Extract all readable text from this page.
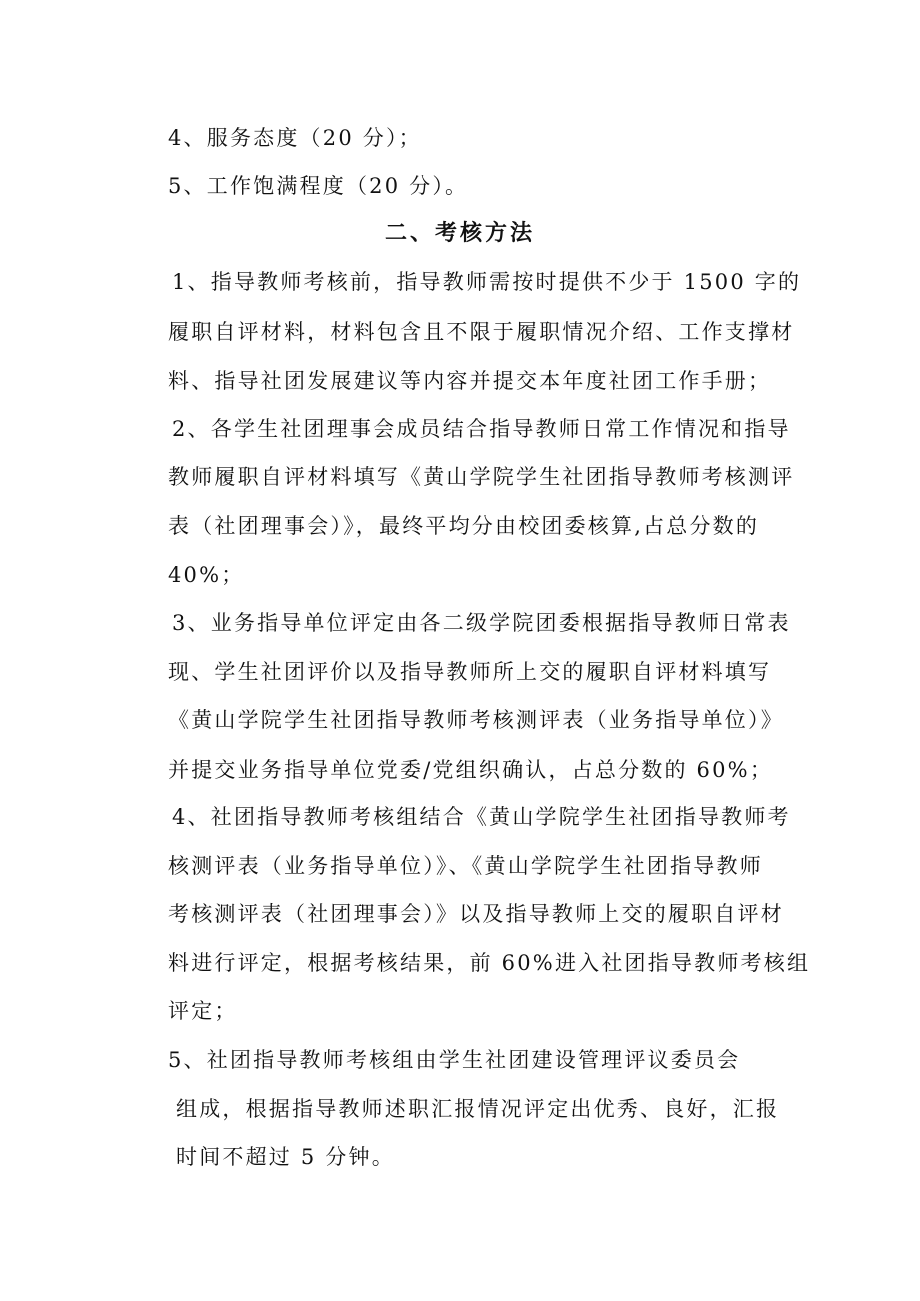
4、服务态度（20 分）；
5、工作饱满程度（20 分）。
二、考核方法
1、指导教师考核前，指导教师需按时提供不少于 1500 字的
履职自评材料，材料包含且不限于履职情况介绍、工作支撑材
料、指导社团发展建议等内容并提交本年度社团工作手册；
2、各学生社团理事会成员结合指导教师日常工作情况和指导
教师履职自评材料填写《黄山学院学生社团指导教师考核测评
表（社团理事会）》，最终平均分由校团委核算,占总分数的
40%；
3、业务指导单位评定由各二级学院团委根据指导教师日常表
现、学生社团评价以及指导教师所上交的履职自评材料填写
《黄山学院学生社团指导教师考核测评表（业务指导单位）》
并提交业务指导单位党委/党组织确认，占总分数的 60%；
4、社团指导教师考核组结合《黄山学院学生社团指导教师考
核测评表（业务指导单位）》、《黄山学院学生社团指导教师
考核测评表（社团理事会）》以及指导教师上交的履职自评材
料进行评定，根据考核结果，前 60%进入社团指导教师考核组
评定；
5、社团指导教师考核组由学生社团建设管理评议委员会
组成，根据指导教师述职汇报情况评定出优秀、良好，汇报
时间不超过 5 分钟。
